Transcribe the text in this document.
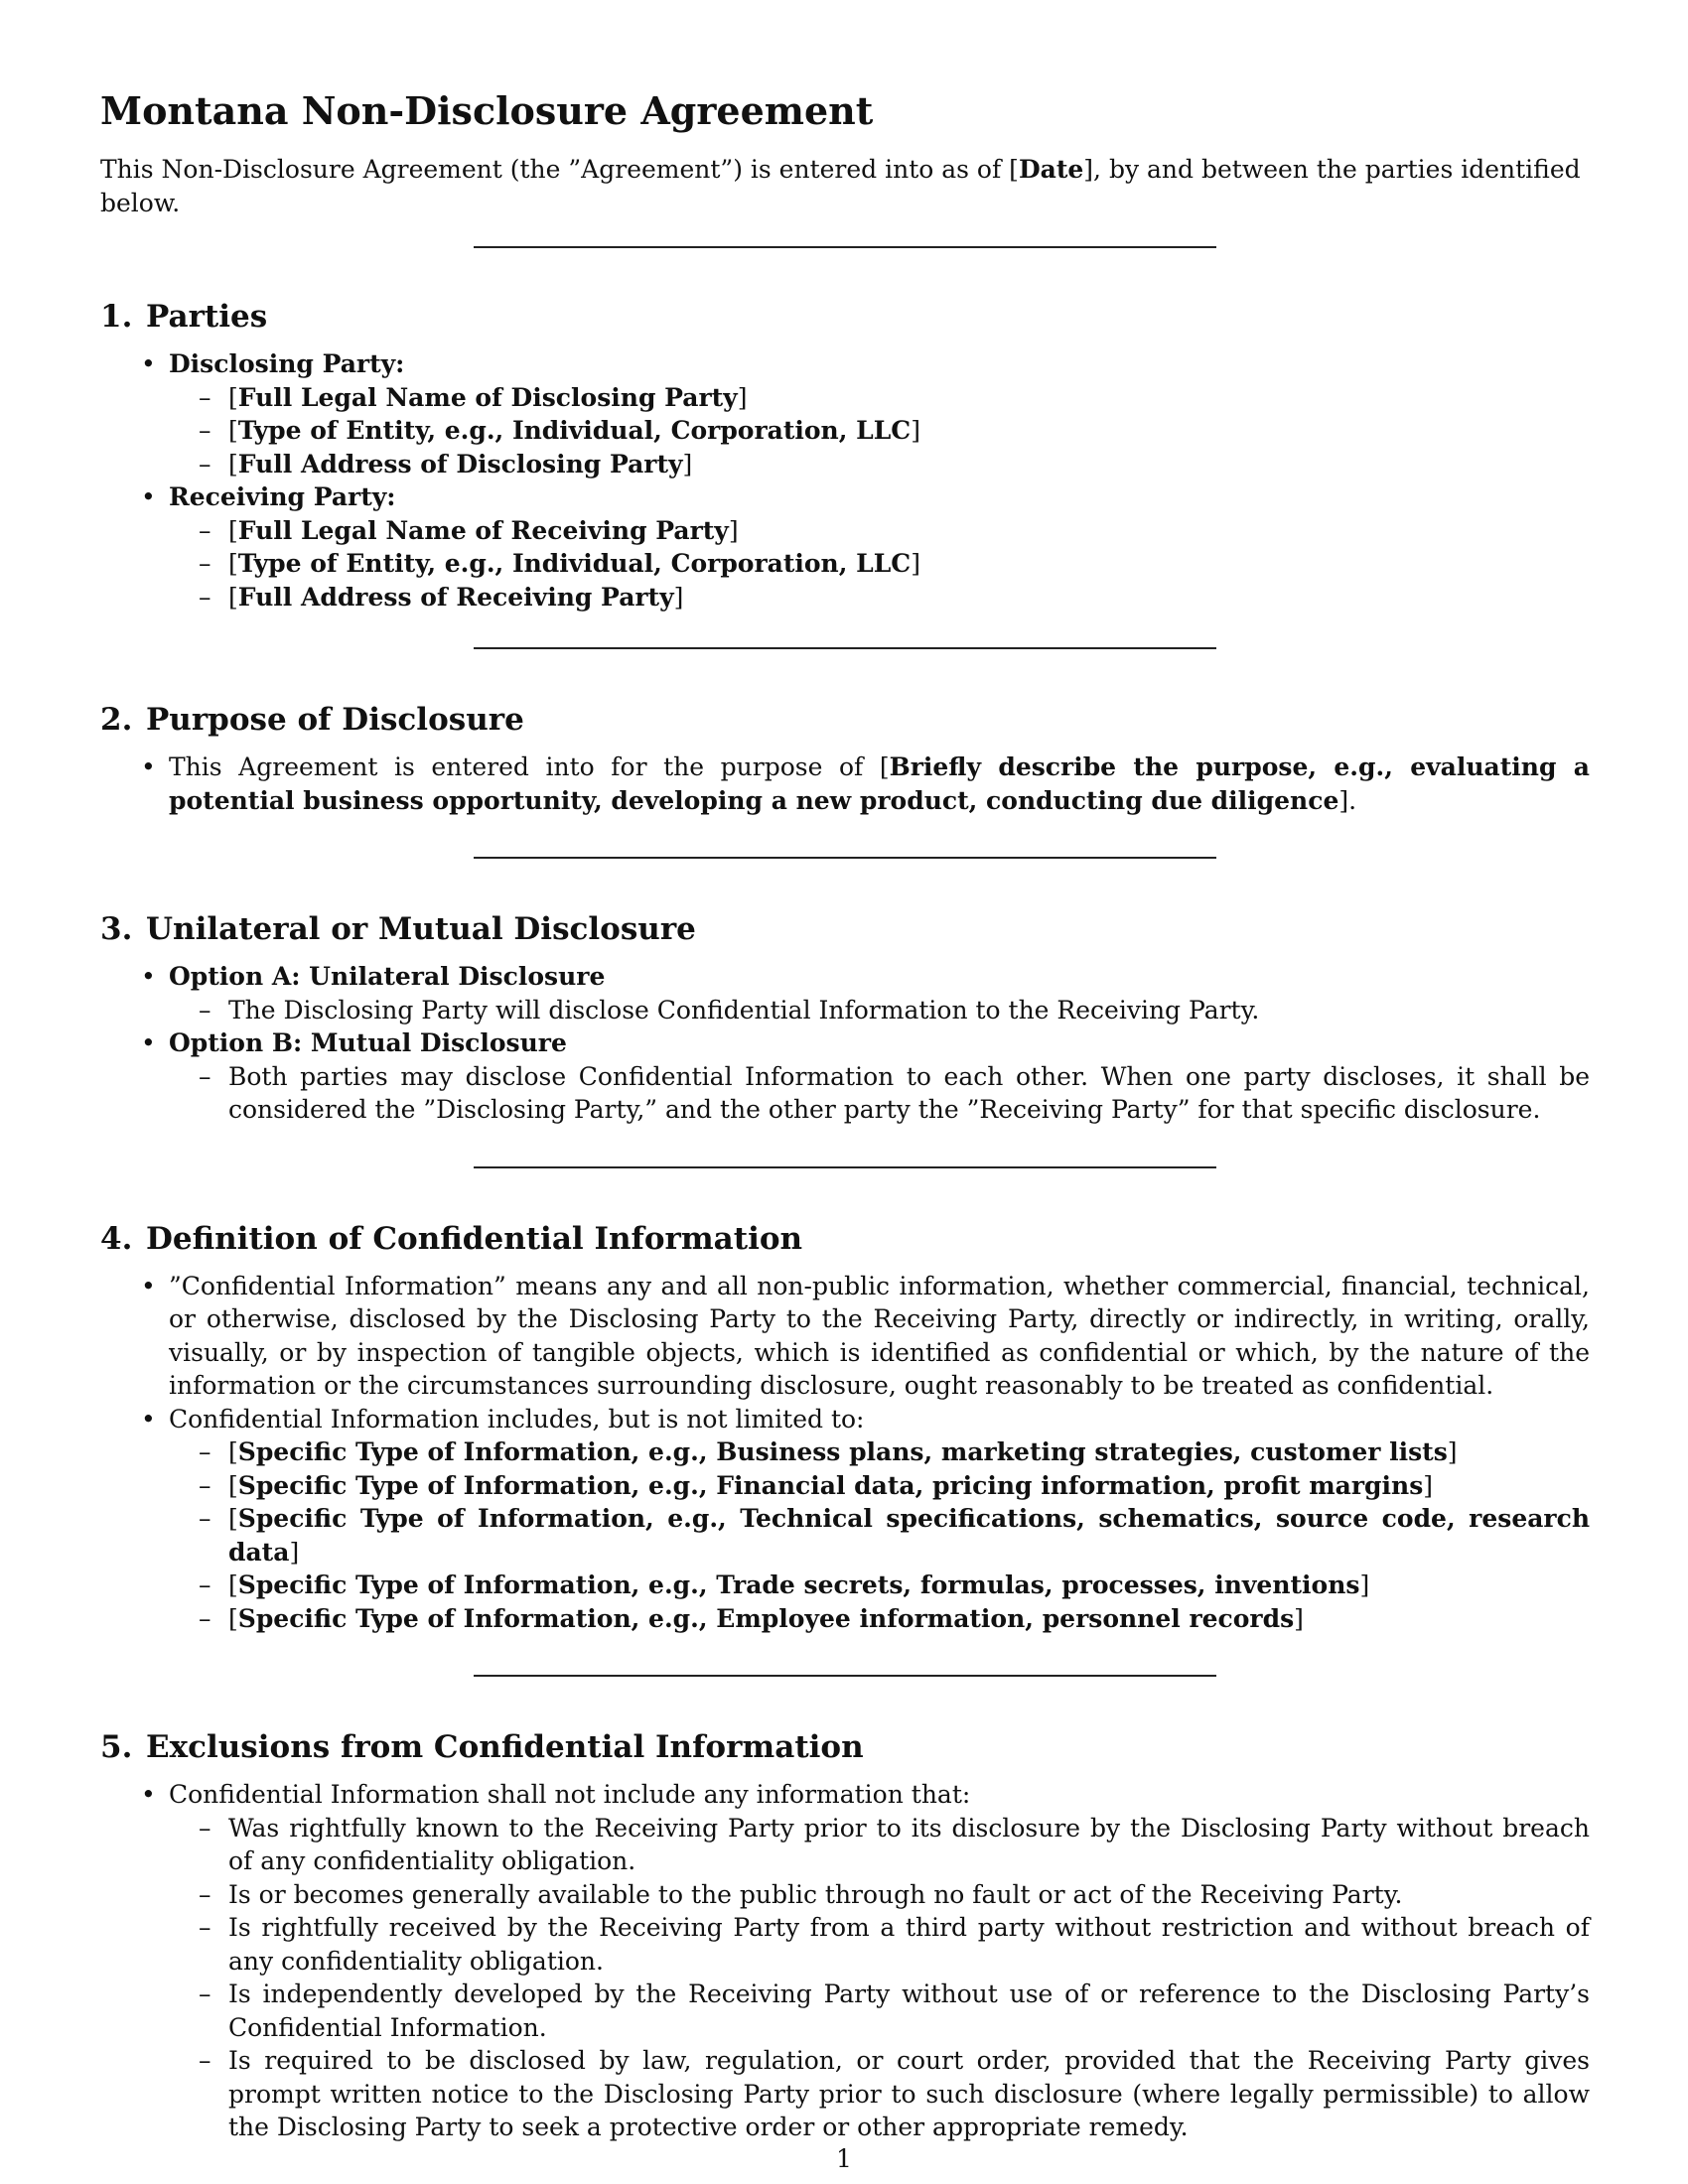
Montana Non-Disclosure Agreement

This Non-Disclosure Agreement (the ”Agreement”) is entered into as of [Date], by and between the parties identified below.

1. Parties
• Disclosing Party:
– [Full Legal Name of Disclosing Party]
– [Type of Entity, e.g., Individual, Corporation, LLC]
– [Full Address of Disclosing Party]
• Receiving Party:
– [Full Legal Name of Receiving Party]
– [Type of Entity, e.g., Individual, Corporation, LLC]
– [Full Address of Receiving Party]
2. Purpose of Disclosure
• This Agreement is entered into for the purpose of [Briefly describe the purpose, e.g., evaluating a potential business opportunity, developing a new product, conducting due diligence].
3. Unilateral or Mutual Disclosure
• Option A: Unilateral Disclosure
– The Disclosing Party will disclose Confidential Information to the Receiving Party.
• Option B: Mutual Disclosure
– Both parties may disclose Confidential Information to each other. When one party discloses, it shall be considered the ”Disclosing Party,” and the other party the ”Receiving Party” for that specific disclosure.
4. Definition of Confidential Information
• ”Confidential Information” means any and all non-public information, whether commercial, financial, technical, or otherwise, disclosed by the Disclosing Party to the Receiving Party, directly or indirectly, in writing, orally, visually, or by inspection of tangible objects, which is identified as confidential or which, by the nature of the information or the circumstances surrounding disclosure, ought reasonably to be treated as confidential.
• Confidential Information includes, but is not limited to:
– [Specific Type of Information, e.g., Business plans, marketing strategies, customer lists]
– [Specific Type of Information, e.g., Financial data, pricing information, profit margins]
– [Specific Type of Information, e.g., Technical specifications, schematics, source code, research data]
– [Specific Type of Information, e.g., Trade secrets, formulas, processes, inventions]
– [Specific Type of Information, e.g., Employee information, personnel records]
5. Exclusions from Confidential Information
• Confidential Information shall not include any information that:
– Was rightfully known to the Receiving Party prior to its disclosure by the Disclosing Party without breach of any confidentiality obligation.
– Is or becomes generally available to the public through no fault or act of the Receiving Party.
– Is rightfully received by the Receiving Party from a third party without restriction and without breach of any confidentiality obligation.
– Is independently developed by the Receiving Party without use of or reference to the Disclosing Party’s Confidential Information.
– Is required to be disclosed by law, regulation, or court order, provided that the Receiving Party gives prompt written notice to the Disclosing Party prior to such disclosure (where legally permissible) to allow the Disclosing Party to seek a protective order or other appropriate remedy.
1
